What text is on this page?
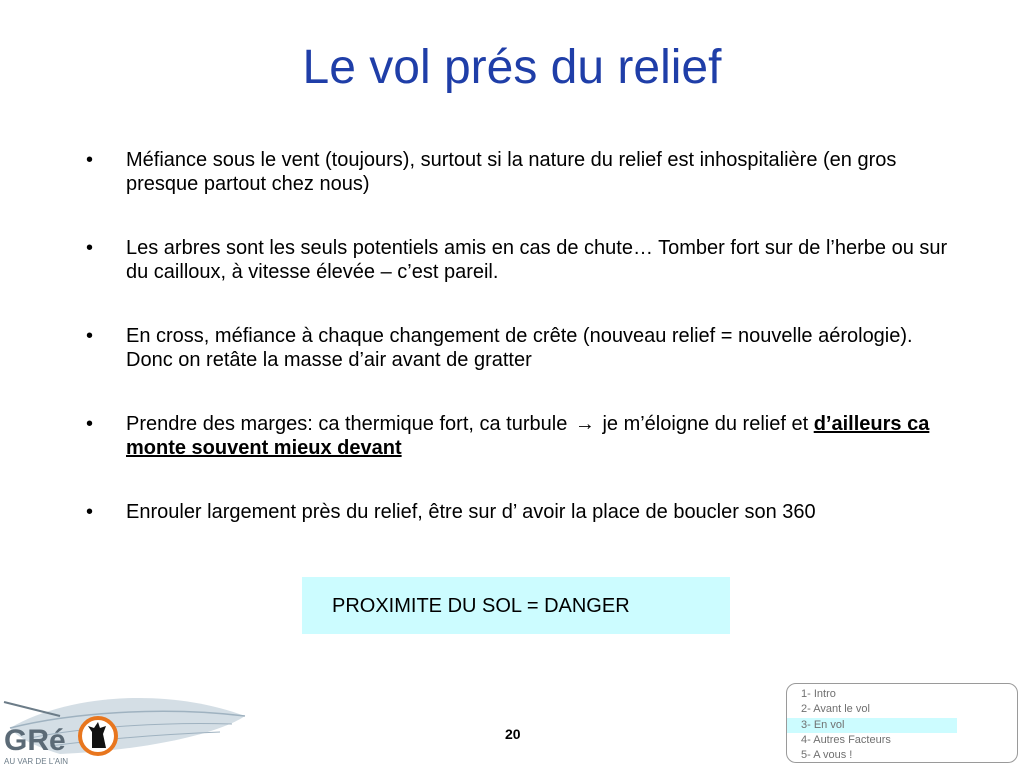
Le vol prés du relief
• Méfiance sous le vent (toujours), surtout si la nature du relief est inhospitalière (en gros presque partout chez nous)
• Les arbres sont les seuls potentiels amis en cas de chute… Tomber fort sur de l’herbe ou sur du cailloux, à vitesse élevée – c’est pareil.
• En cross, méfiance à chaque changement de crête (nouveau relief = nouvelle aérologie). Donc on retâte la masse d’air avant de gratter
• Prendre des marges: ca thermique fort, ca turbule → je m’éloigne du relief et d’ailleurs ca monte souvent mieux devant
• Enrouler largement près du relief, être sur d’ avoir la place de boucler son 360
PROXIMITE DU SOL = DANGER
GRé
AU VAR DE L'AIN
20
1- Intro
2- Avant le vol
3- En vol
4- Autres Facteurs
5- A vous !
